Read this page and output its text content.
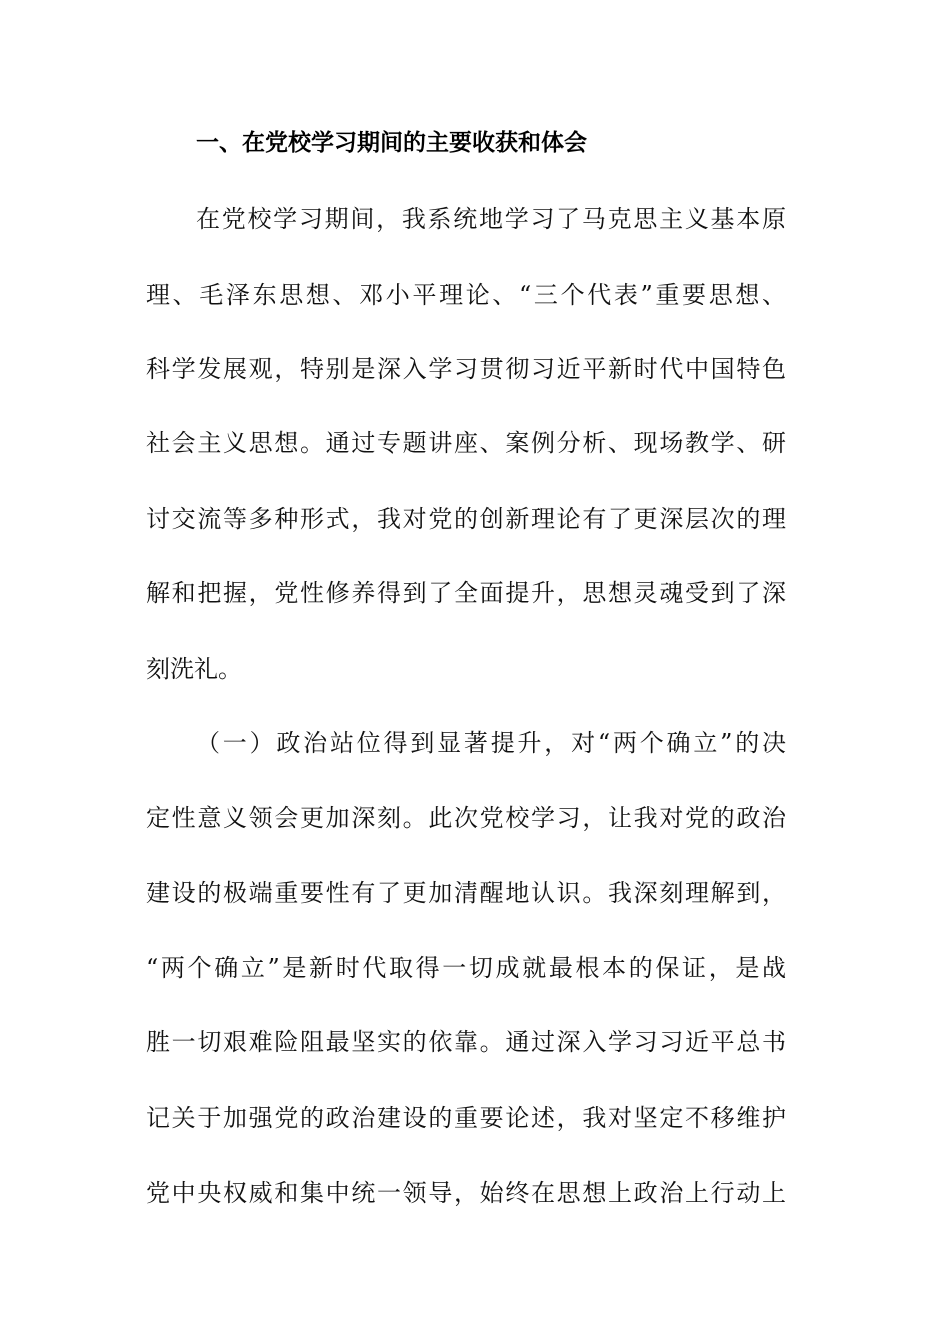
一、在党校学习期间的主要收获和体会
在党校学习期间，我系统地学习了马克思主义基本原
理、毛泽东思想、邓小平理论、“三个代表”重要思想、
科学发展观，特别是深入学习贯彻习近平新时代中国特色
社会主义思想。通过专题讲座、案例分析、现场教学、研
讨交流等多种形式，我对党的创新理论有了更深层次的理
解和把握，党性修养得到了全面提升，思想灵魂受到了深
刻洗礼。
（一）政治站位得到显著提升，对“两个确立”的决
定性意义领会更加深刻。此次党校学习，让我对党的政治
建设的极端重要性有了更加清醒地认识。我深刻理解到，
“两个确立”是新时代取得一切成就最根本的保证，是战
胜一切艰难险阻最坚实的依靠。通过深入学习习近平总书
记关于加强党的政治建设的重要论述，我对坚定不移维护
党中央权威和集中统一领导，始终在思想上政治上行动上
